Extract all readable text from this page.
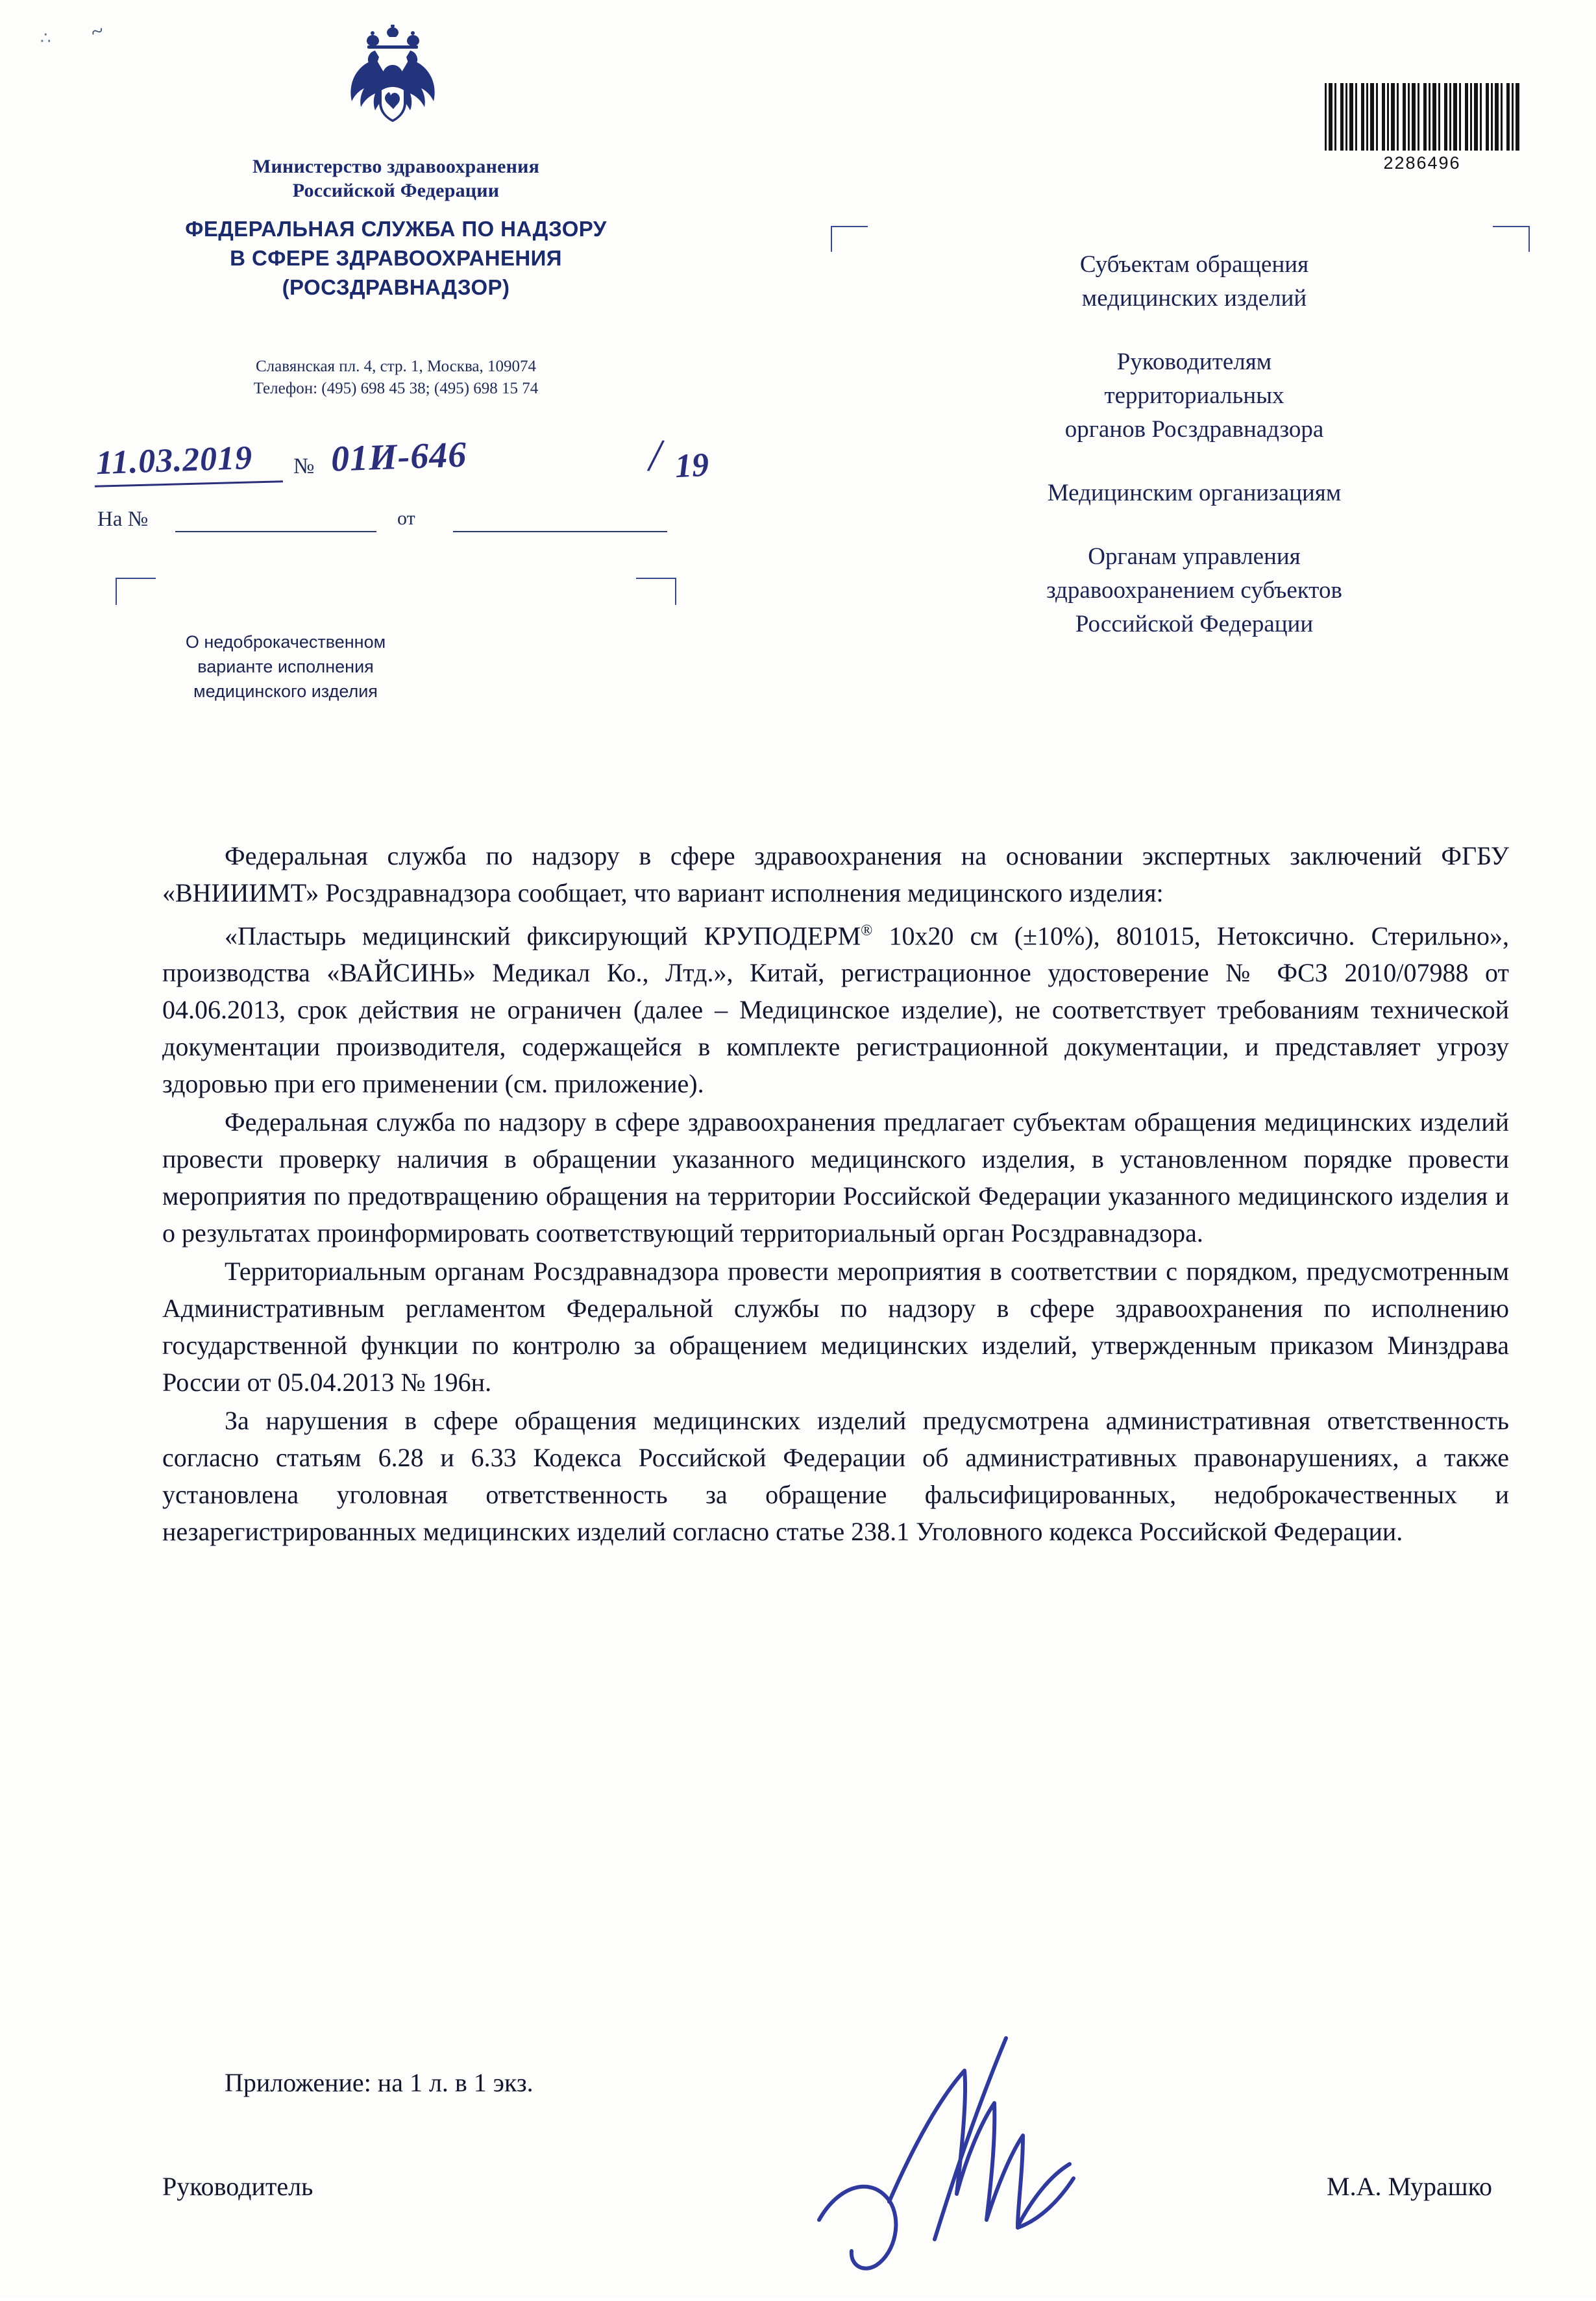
∴ ~
Министерство здравоохранения
Российской Федерации
ФЕДЕРАЛЬНАЯ СЛУЖБА ПО НАДЗОРУ
В СФЕРЕ ЗДРАВООХРАНЕНИЯ
(РОСЗДРАВНАДЗОР)
Славянская пл. 4, стр. 1, Москва, 109074
Телефон: (495) 698 45 38; (495) 698 15 74
11.03.2019 № 01И-646	/ 19
На №	от
О недоброкачественном
варианте исполнения
медицинского изделия
2286496
Субъектам обращения
медицинских изделий
Руководителям
территориальных
органов Росздравнадзора
Медицинским организациям
Органам управления
здравоохранением субъектов
Российской Федерации

Федеральная служба по надзору в сфере здравоохранения на основании экспертных заключений ФГБУ «ВНИИИМТ» Росздравнадзора сообщает, что вариант исполнения медицинского изделия:

«Пластырь медицинский фиксирующий КРУПОДЕРМ® 10х20 см (±10%), 801015, Нетоксично. Стерильно», производства «ВАЙСИНЬ» Медикал Ко., Лтд.», Китай, регистрационное удостоверение № ФСЗ 2010/07988 от 04.06.2013, срок действия не ограничен (далее – Медицинское изделие), не соответствует требованиям технической документации производителя, содержащейся в комплекте регистрационной документации, и представляет угрозу здоровью при его применении (см. приложение).

Федеральная служба по надзору в сфере здравоохранения предлагает субъектам обращения медицинских изделий провести проверку наличия в обращении указанного медицинского изделия, в установленном порядке провести мероприятия по предотвращению обращения на территории Российской Федерации указанного медицинского изделия и о результатах проинформировать соответствующий территориальный орган Росздравнадзора.

Территориальным органам Росздравнадзора провести мероприятия в соответствии с порядком, предусмотренным Административным регламентом Федеральной службы по надзору в сфере здравоохранения по исполнению государственной функции по контролю за обращением медицинских изделий, утвержденным приказом Минздрава России от 05.04.2013 № 196н.

За нарушения в сфере обращения медицинских изделий предусмотрена административная ответственность согласно статьям 6.28 и 6.33 Кодекса Российской Федерации об административных правонарушениях, а также установлена уголовная ответственность за обращение фальсифицированных, недоброкачественных и незарегистрированных медицинских изделий согласно статье 238.1 Уголовного кодекса Российской Федерации.

Приложение: на 1 л. в 1 экз.
Руководитель	М.А. Мурашко
